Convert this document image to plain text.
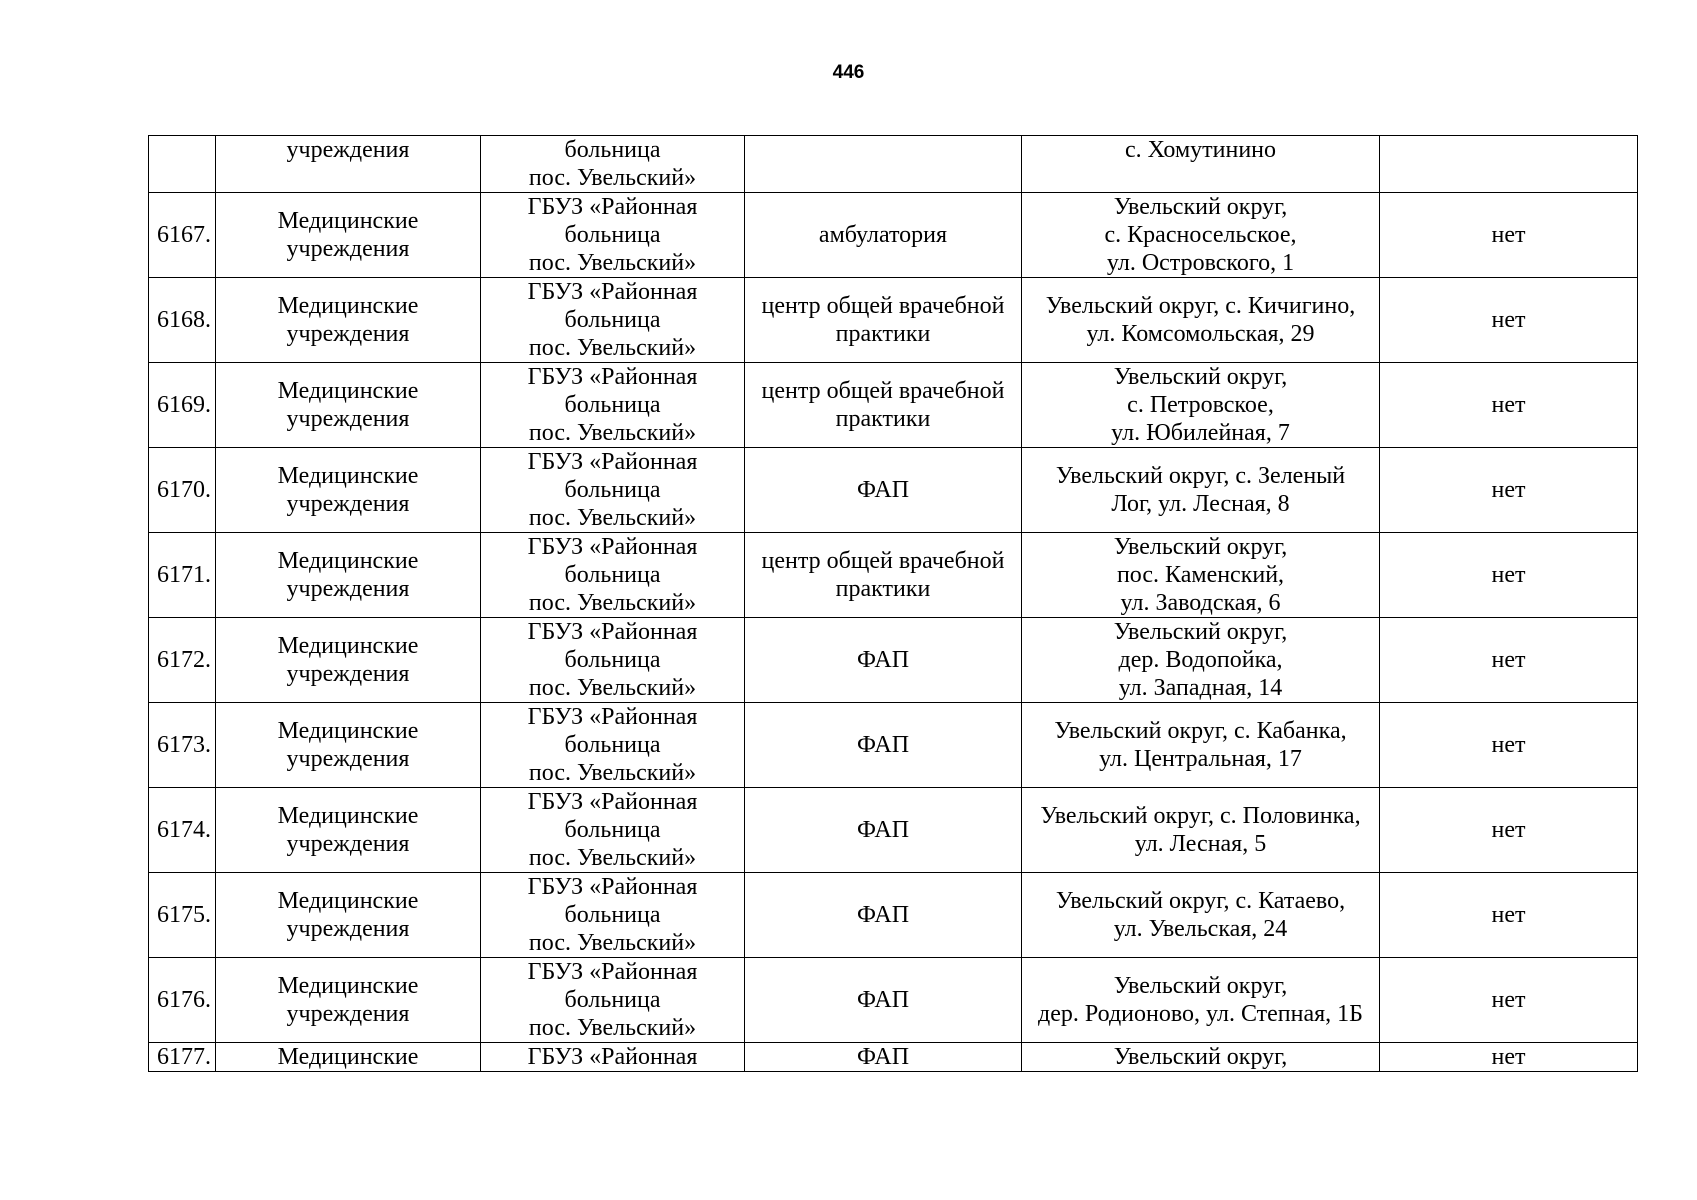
446
	учреждения	больница
пос. Увельский»		с. Хомутинино	
6167.	Медицинские
учреждения	ГБУЗ «Районная
больница
пос. Увельский»	амбулатория	Увельский округ,
с. Красносельское,
ул. Островского, 1	нет
6168.	Медицинские
учреждения	ГБУЗ «Районная
больница
пос. Увельский»	центр общей врачебной
практики	Увельский округ, с. Кичигино,
ул. Комсомольская, 29	нет
6169.	Медицинские
учреждения	ГБУЗ «Районная
больница
пос. Увельский»	центр общей врачебной
практики	Увельский округ,
с. Петровское,
ул. Юбилейная, 7	нет
6170.	Медицинские
учреждения	ГБУЗ «Районная
больница
пос. Увельский»	ФАП	Увельский округ, с. Зеленый
Лог, ул. Лесная, 8	нет
6171.	Медицинские
учреждения	ГБУЗ «Районная
больница
пос. Увельский»	центр общей врачебной
практики	Увельский округ,
пос. Каменский,
ул. Заводская, 6	нет
6172.	Медицинские
учреждения	ГБУЗ «Районная
больница
пос. Увельский»	ФАП	Увельский округ,
дер. Водопойка,
ул. Западная, 14	нет
6173.	Медицинские
учреждения	ГБУЗ «Районная
больница
пос. Увельский»	ФАП	Увельский округ, с. Кабанка,
ул. Центральная, 17	нет
6174.	Медицинские
учреждения	ГБУЗ «Районная
больница
пос. Увельский»	ФАП	Увельский округ, с. Половинка,
ул. Лесная, 5	нет
6175.	Медицинские
учреждения	ГБУЗ «Районная
больница
пос. Увельский»	ФАП	Увельский округ, с. Катаево,
ул. Увельская, 24	нет
6176.	Медицинские
учреждения	ГБУЗ «Районная
больница
пос. Увельский»	ФАП	Увельский округ,
дер. Родионово, ул. Степная, 1Б	нет
6177.	Медицинские	ГБУЗ «Районная	ФАП	Увельский округ,	нет
